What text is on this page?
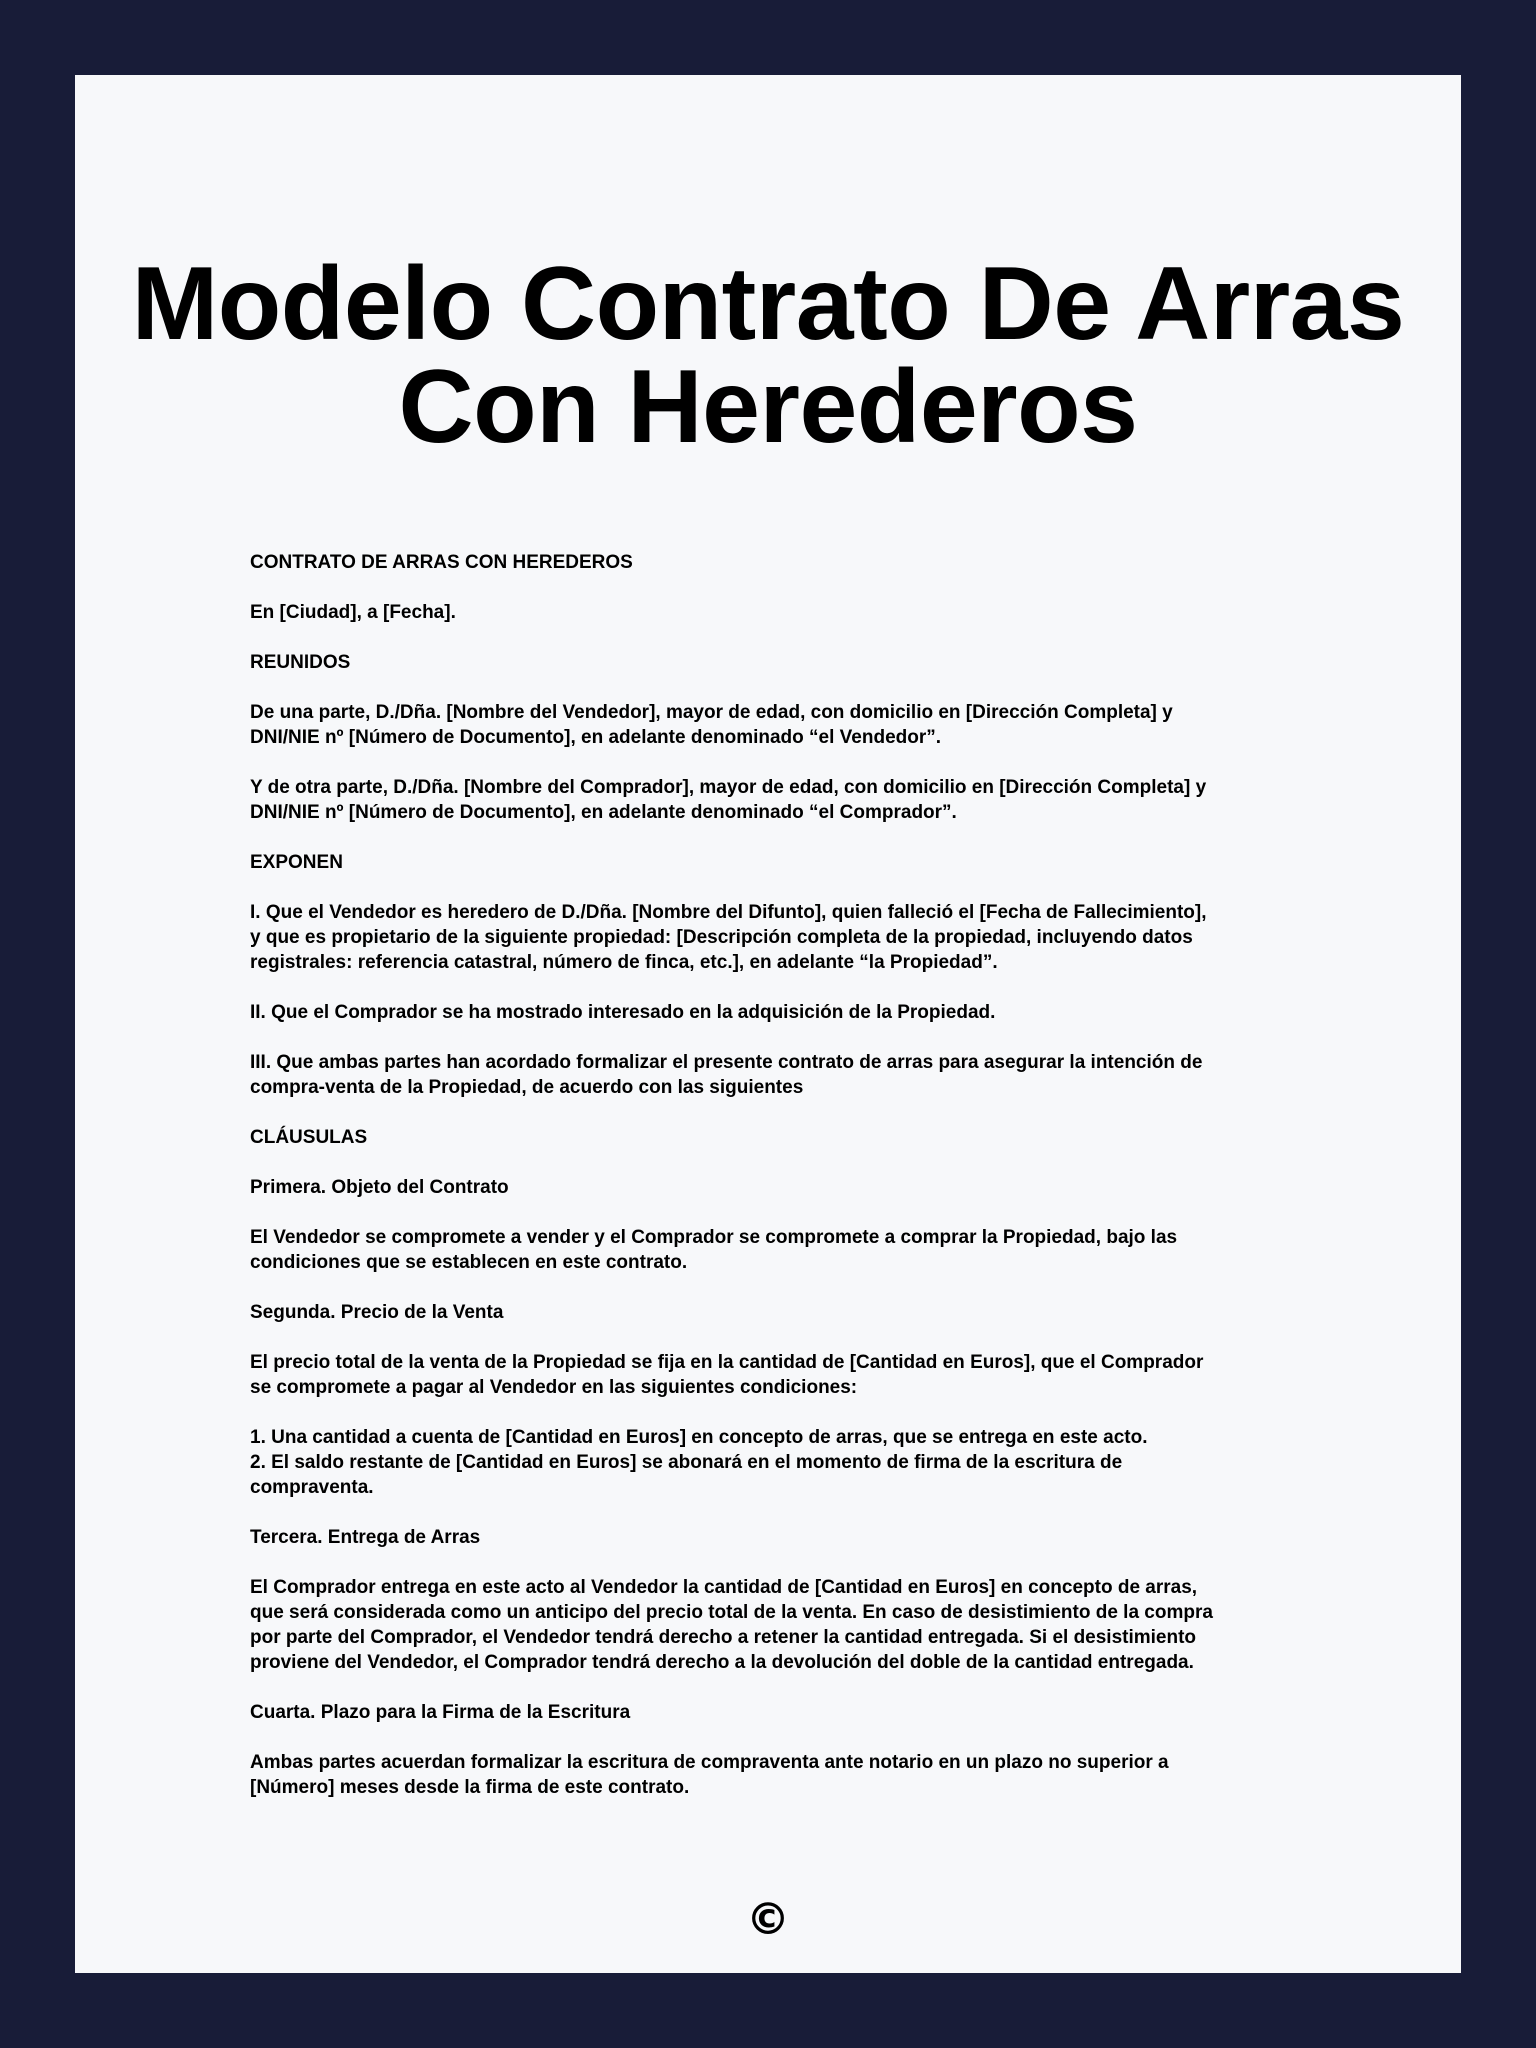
Modelo Contrato De Arras
Con Herederos

CONTRATO DE ARRAS CON HEREDEROS

En [Ciudad], a [Fecha].

REUNIDOS

De una parte, D./Dña. [Nombre del Vendedor], mayor de edad, con domicilio en [Dirección Completa] y
DNI/NIE nº [Número de Documento], en adelante denominado “el Vendedor”.

Y de otra parte, D./Dña. [Nombre del Comprador], mayor de edad, con domicilio en [Dirección Completa] y
DNI/NIE nº [Número de Documento], en adelante denominado “el Comprador”.

EXPONEN

I. Que el Vendedor es heredero de D./Dña. [Nombre del Difunto], quien falleció el [Fecha de Fallecimiento],
y que es propietario de la siguiente propiedad: [Descripción completa de la propiedad, incluyendo datos
registrales: referencia catastral, número de finca, etc.], en adelante “la Propiedad”.

II. Que el Comprador se ha mostrado interesado en la adquisición de la Propiedad.

III. Que ambas partes han acordado formalizar el presente contrato de arras para asegurar la intención de
compra-venta de la Propiedad, de acuerdo con las siguientes

CLÁUSULAS

Primera. Objeto del Contrato

El Vendedor se compromete a vender y el Comprador se compromete a comprar la Propiedad, bajo las
condiciones que se establecen en este contrato.

Segunda. Precio de la Venta

El precio total de la venta de la Propiedad se fija en la cantidad de [Cantidad en Euros], que el Comprador
se compromete a pagar al Vendedor en las siguientes condiciones:

1. Una cantidad a cuenta de [Cantidad en Euros] en concepto de arras, que se entrega en este acto.
2. El saldo restante de [Cantidad en Euros] se abonará en el momento de firma de la escritura de
compraventa.

Tercera. Entrega de Arras

El Comprador entrega en este acto al Vendedor la cantidad de [Cantidad en Euros] en concepto de arras,
que será considerada como un anticipo del precio total de la venta. En caso de desistimiento de la compra
por parte del Comprador, el Vendedor tendrá derecho a retener la cantidad entregada. Si el desistimiento
proviene del Vendedor, el Comprador tendrá derecho a la devolución del doble de la cantidad entregada.

Cuarta. Plazo para la Firma de la Escritura

Ambas partes acuerdan formalizar la escritura de compraventa ante notario en un plazo no superior a
[Número] meses desde la firma de este contrato.

©
